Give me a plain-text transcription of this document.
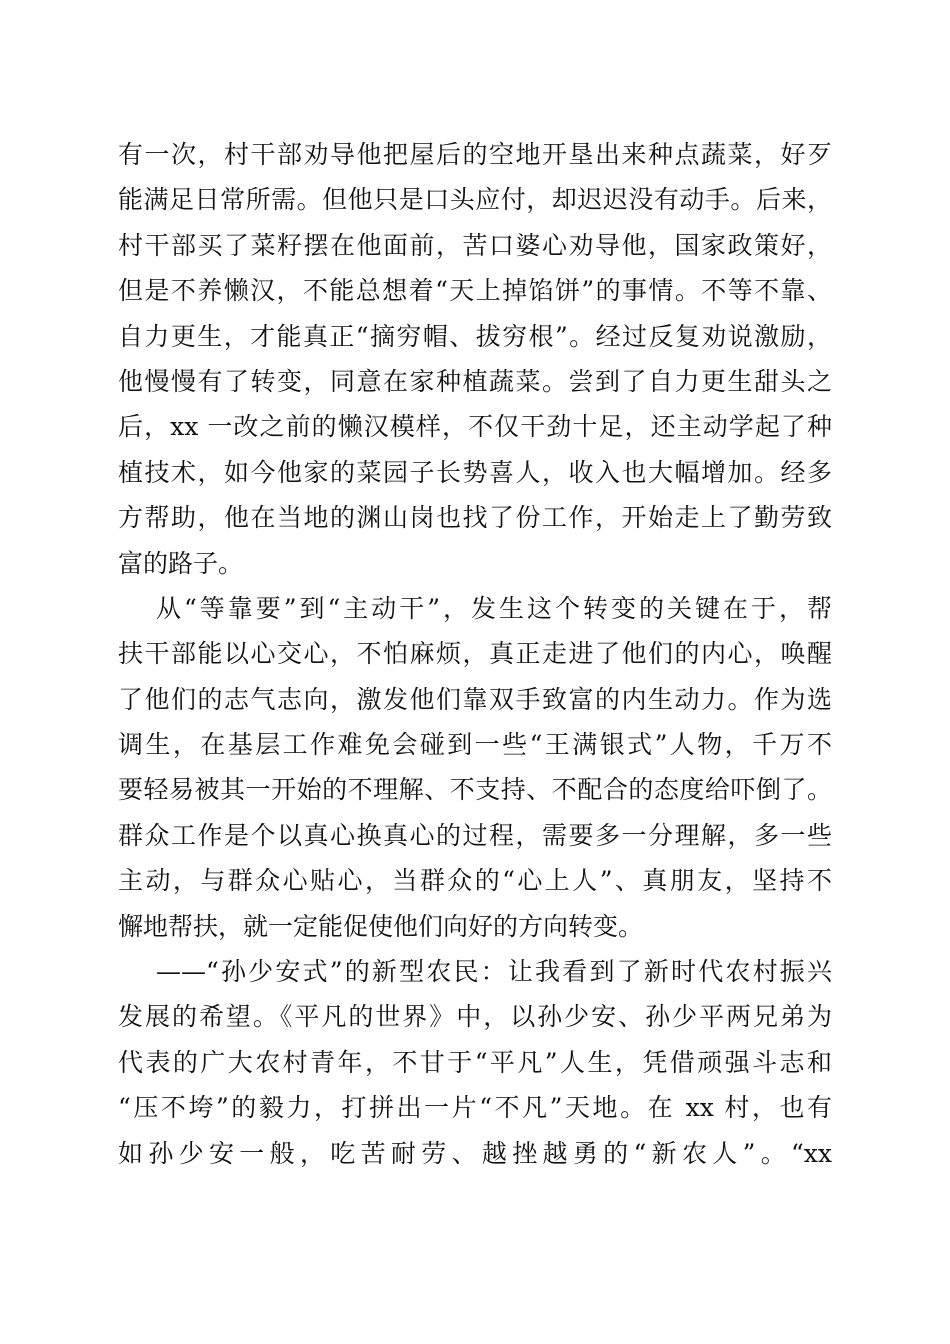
有一次，村干部劝导他把屋后的空地开垦出来种点蔬菜，好歹
能满足日常所需。但他只是口头应付，却迟迟没有动手。后来，
村干部买了菜籽摆在他面前，苦口婆心劝导他，国家政策好，
但是不养懒汉，不能总想着“天上掉馅饼”的事情。不等不靠、
自力更生，才能真正“摘穷帽、拔穷根”。经过反复劝说激励，
他慢慢有了转变，同意在家种植蔬菜。尝到了自力更生甜头之
后，xx 一改之前的懒汉模样，不仅干劲十足，还主动学起了种
植技术，如今他家的菜园子长势喜人，收入也大幅增加。经多
方帮助，他在当地的渊山岗也找了份工作，开始走上了勤劳致
富的路子。
从“等靠要”到“主动干”，发生这个转变的关键在于，帮
扶干部能以心交心，不怕麻烦，真正走进了他们的内心，唤醒
了他们的志气志向，激发他们靠双手致富的内生动力。作为选
调生，在基层工作难免会碰到一些“王满银式”人物，千万不
要轻易被其一开始的不理解、不支持、不配合的态度给吓倒了。
群众工作是个以真心换真心的过程，需要多一分理解，多一些
主动，与群众心贴心，当群众的“心上人”、真朋友，坚持不
懈地帮扶，就一定能促使他们向好的方向转变。
——“孙少安式”的新型农民：让我看到了新时代农村振兴
发展的希望。《平凡的世界》中，以孙少安、孙少平两兄弟为
代表的广大农村青年，不甘于“平凡”人生，凭借顽强斗志和
“压不垮”的毅力，打拼出一片“不凡”天地。在 xx 村，也有
如孙少安一般，吃苦耐劳、越挫越勇的“新农人”。“xx
